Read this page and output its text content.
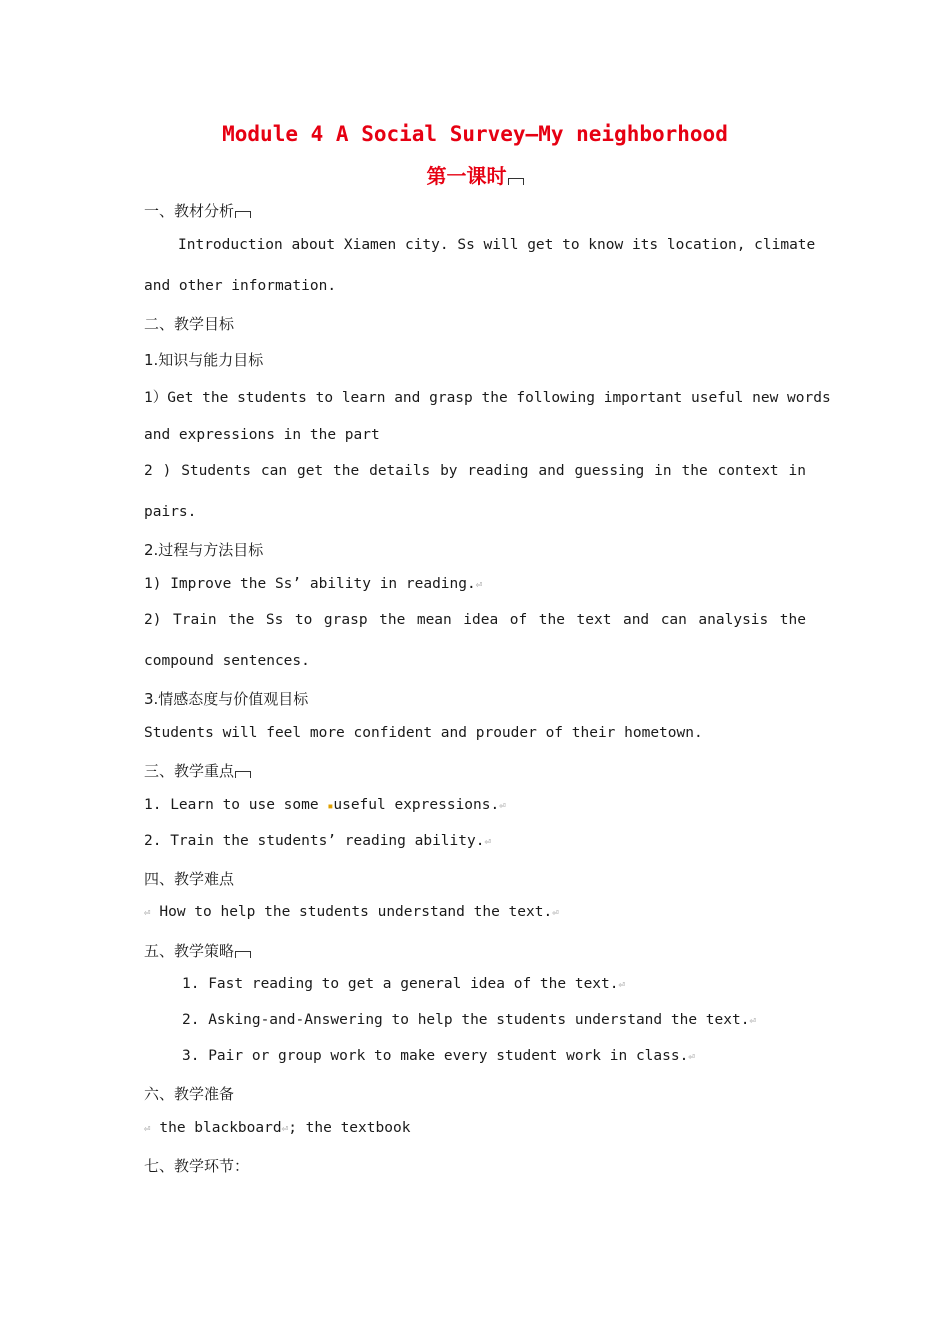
Module 4 A Social Survey—My neighborhood
第一课时
一、教材分析
Introduction about Xiamen city. Ss will get to know its location, climate
and other information.
二、教学目标
1.知识与能力目标
1）Get the students to learn and grasp the following important useful new words
and expressions in the part
2 ) Students can get the details by reading and guessing in the context in
pairs.
2.过程与方法目标
1) Improve the Ss’ ability in reading.⏎
2) Train the Ss to grasp the mean idea of the text and can analysis the
compound sentences.
3.情感态度与价值观目标
Students will feel more confident and prouder of their hometown.
三、教学重点
1. Learn to use some ▪useful expressions.⏎
2. Train the students’ reading ability.⏎
四、教学难点
⏎ How to help the students understand the text.⏎
五、教学策略
1. Fast reading to get a general idea of the text.⏎
2. Asking-and-Answering to help the students understand the text.⏎
3. Pair or group work to make every student work in class.⏎
六、教学准备
⏎ the blackboard⏎; the textbook
七、教学环节：
